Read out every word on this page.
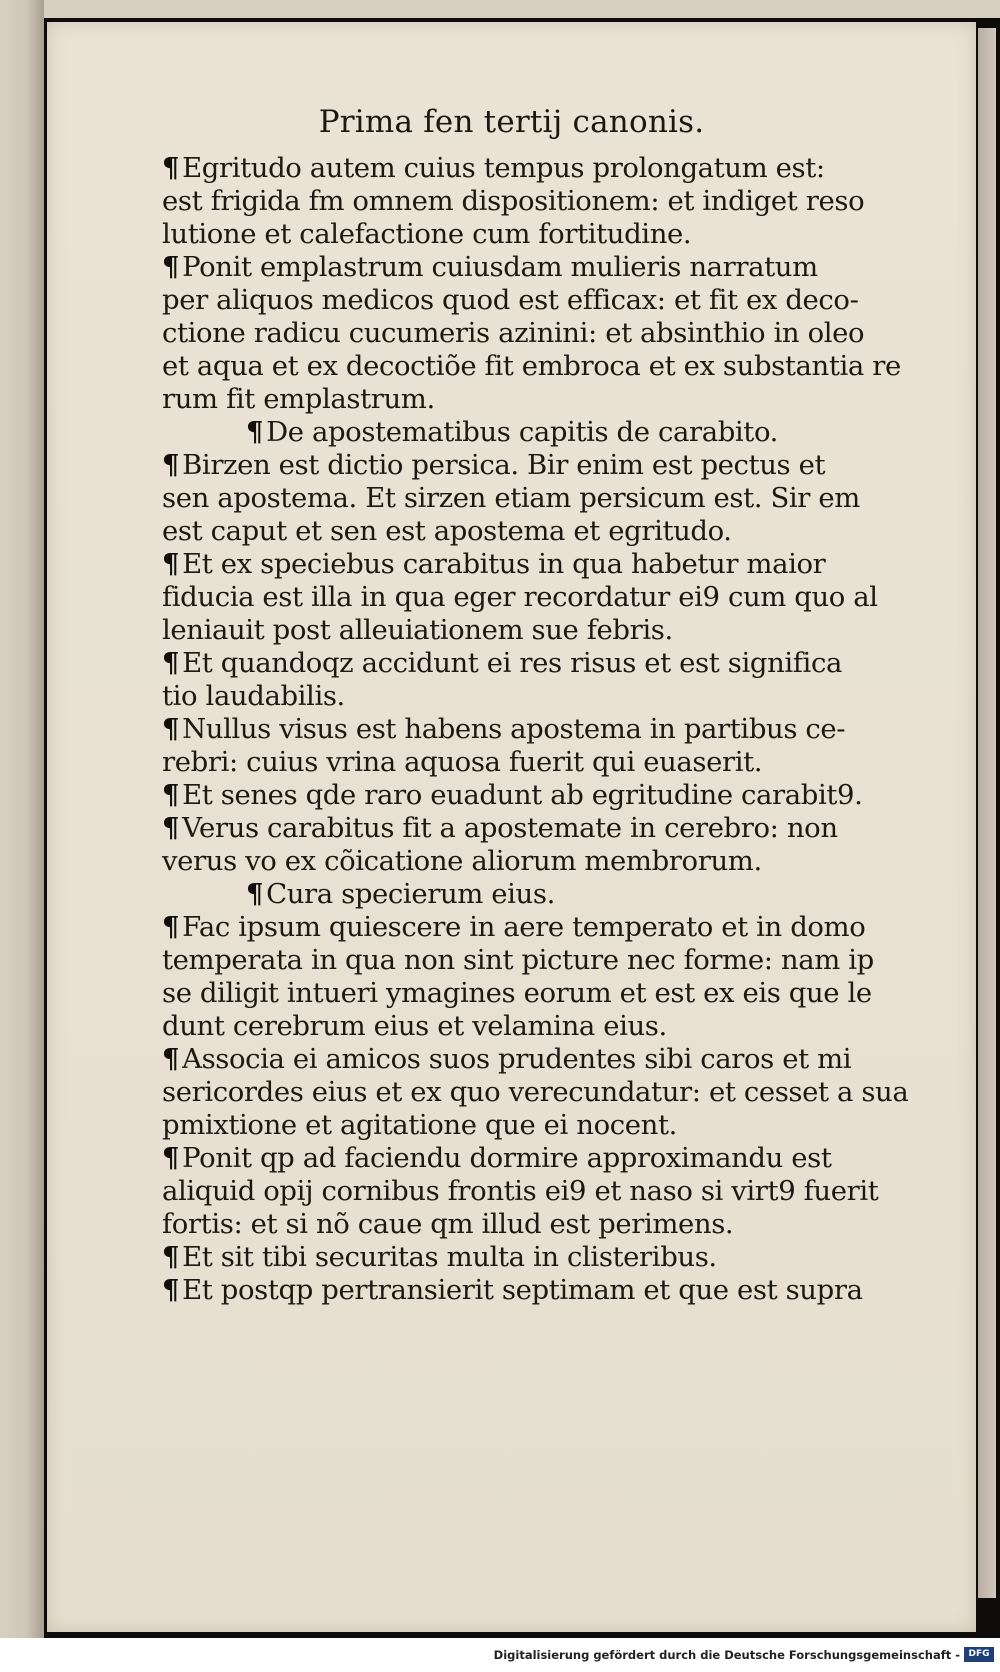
Prima fen tertij canonis.
¶ Egritudo autem cuius tempus prolongatum est:
est frigida fm omnem dispositionem: et indiget reso
lutione et calefactione cum fortitudine.
¶ Ponit emplastrum cuiusdam mulieris narratum
per aliquos medicos quod est efficax: et fit ex deco-
ctione radicu cucumeris azinini: et absinthio in oleo
et aqua et ex decoctiõe fit embroca et ex substantia re
rum fit emplastrum.
¶ De apostematibus capitis de carabito.
¶ Birzen est dictio persica. Bir enim est pectus et
sen apostema. Et sirzen etiam persicum est. Sir em
est caput et sen est apostema et egritudo.
¶ Et ex speciebus carabitus in qua habetur maior
fiducia est illa in qua eger recordatur ei9 cum quo al
leniauit post alleuiationem sue febris.
¶ Et quandoqz accidunt ei res risus et est significa
tio laudabilis.
¶ Nullus visus est habens apostema in partibus ce-
rebri: cuius vrina aquosa fuerit qui euaserit.
¶ Et senes qde raro euadunt ab egritudine carabit9.
¶ Verus carabitus fit a apostemate in cerebro: non
verus vo ex cõicatione aliorum membrorum.
¶ Cura specierum eius.
¶ Fac ipsum quiescere in aere temperato et in domo
temperata in qua non sint picture nec forme: nam ip
se diligit intueri ymagines eorum et est ex eis que le
dunt cerebrum eius et velamina eius.
¶ Associa ei amicos suos prudentes sibi caros et mi
sericordes eius et ex quo verecundatur: et cesset a sua
pmixtione et agitatione que ei nocent.
¶ Ponit qp ad faciendu dormire approximandu est
aliquid opij cornibus frontis ei9 et naso si virt9 fuerit
fortis: et si nõ caue qm illud est perimens.
¶ Et sit tibi securitas multa in clisteribus.
¶ Et postqp pertransierit septimam et que est supra
Digitalisierung gefördert durch die Deutsche Forschungsgemeinschaft - DFG
